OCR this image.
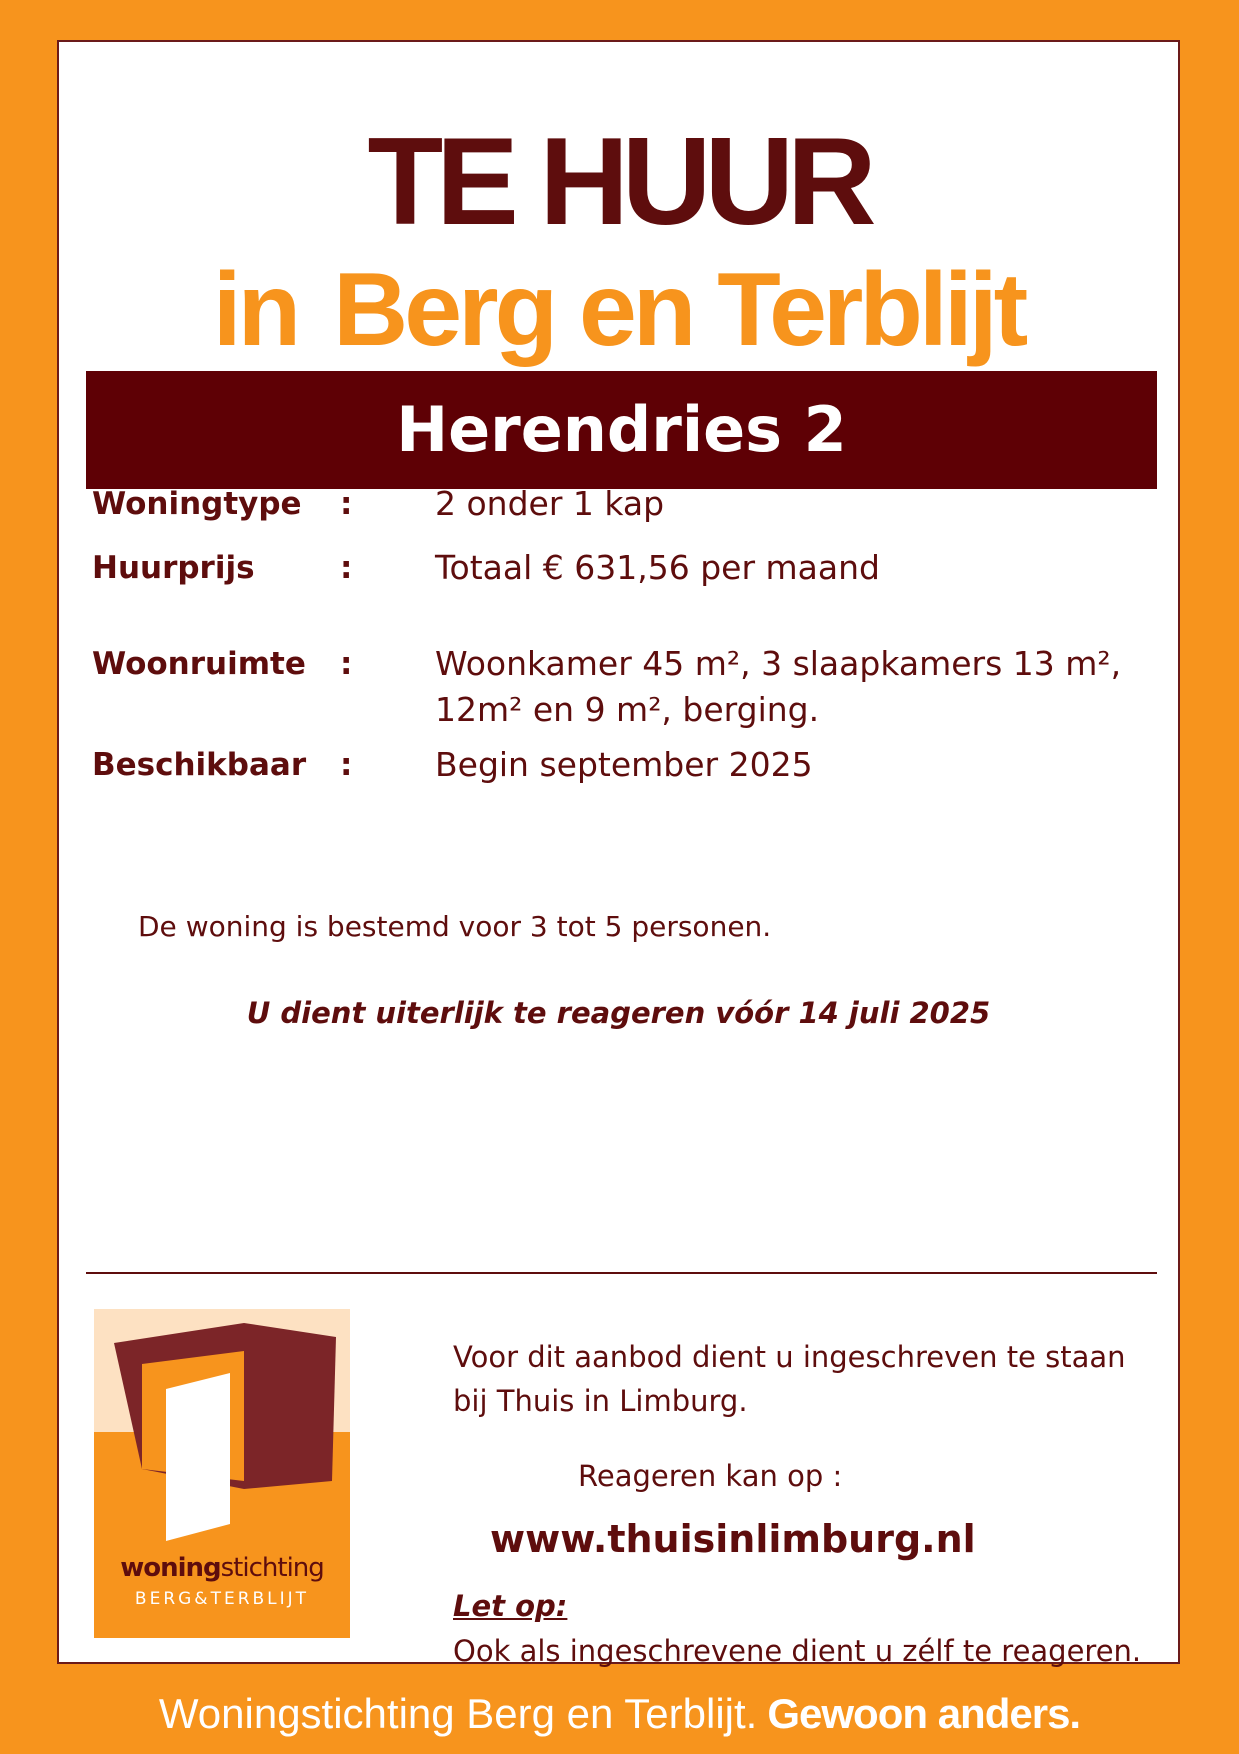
TE HUUR
in Berg en Terblijt
Herendries 2
Woningtype	:	2 onder 1 kap
Huurprijs	:	Totaal € 631,56 per maand
Woonruimte	:	Woonkamer 45 m², 3 slaapkamers 13 m²,
12m² en 9 m², berging.
Beschikbaar	:	Begin september 2025
De woning is bestemd voor 3 tot 5 personen.
U dient uiterlijk te reageren vóór 14 juli 2025
woningstichting
BERG&TERBLIJT
Voor dit aanbod dient u ingeschreven te staan
bij Thuis in Limburg.
Reageren kan op :
www.thuisinlimburg.nl
Let op:
Ook als ingeschrevene dient u zélf te reageren.
Woningstichting Berg en Terblijt. Gewoon anders.
